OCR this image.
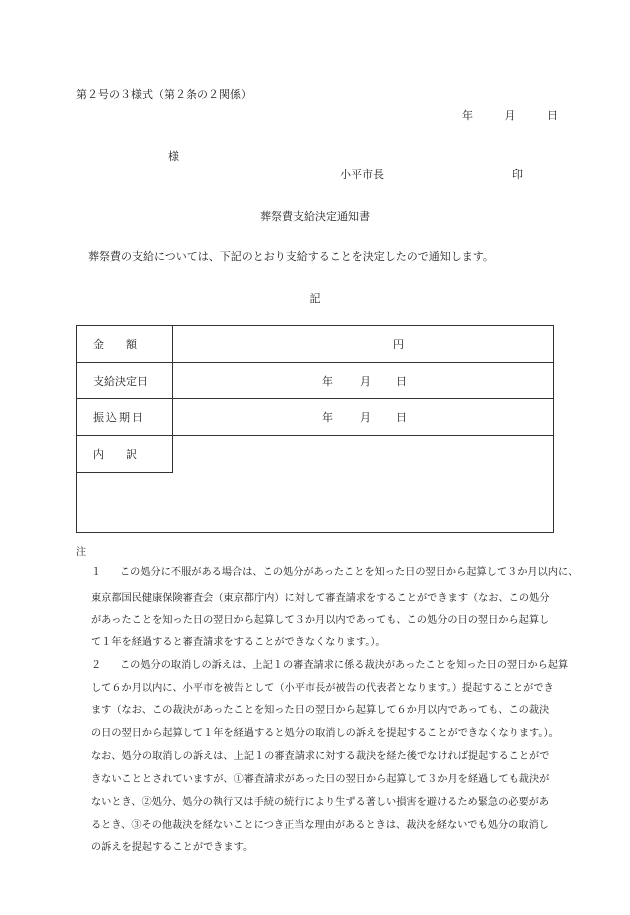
第２号の３様式（第２条の２関係）
年	月	日
様
小平市長	印
葬祭費支給決定通知書
葬祭費の支給については、下記のとおり支給することを決定したので通知します。
記
金　　額	円
支給決定日	年 月 日
振込期日	年 月 日
内　　訳
注
１ この処分に不服がある場合は、この処分があったことを知った日の翌日から起算して３か月以内に、
東京都国民健康保険審査会（東京都庁内）に対して審査請求をすることができます（なお、この処分
があったことを知った日の翌日から起算して３か月以内であっても、この処分の日の翌日から起算し
て１年を経過すると審査請求をすることができなくなります。）。
２ この処分の取消しの訴えは、上記１の審査請求に係る裁決があったことを知った日の翌日から起算
して６か月以内に、小平市を被告として（小平市長が被告の代表者となります。）提起することができ
ます（なお、この裁決があったことを知った日の翌日から起算して６か月以内であっても、この裁決
の日の翌日から起算して１年を経過すると処分の取消しの訴えを提起することができなくなります。）。
なお、処分の取消しの訴えは、上記１の審査請求に対する裁決を経た後でなければ提起することがで
きないこととされていますが、①審査請求があった日の翌日から起算して３か月を経過しても裁決が
ないとき、②処分、処分の執行又は手続の続行により生ずる著しい損害を避けるため緊急の必要があ
るとき、③その他裁決を経ないことにつき正当な理由があるときは、裁決を経ないでも処分の取消し
の訴えを提起することができます。
